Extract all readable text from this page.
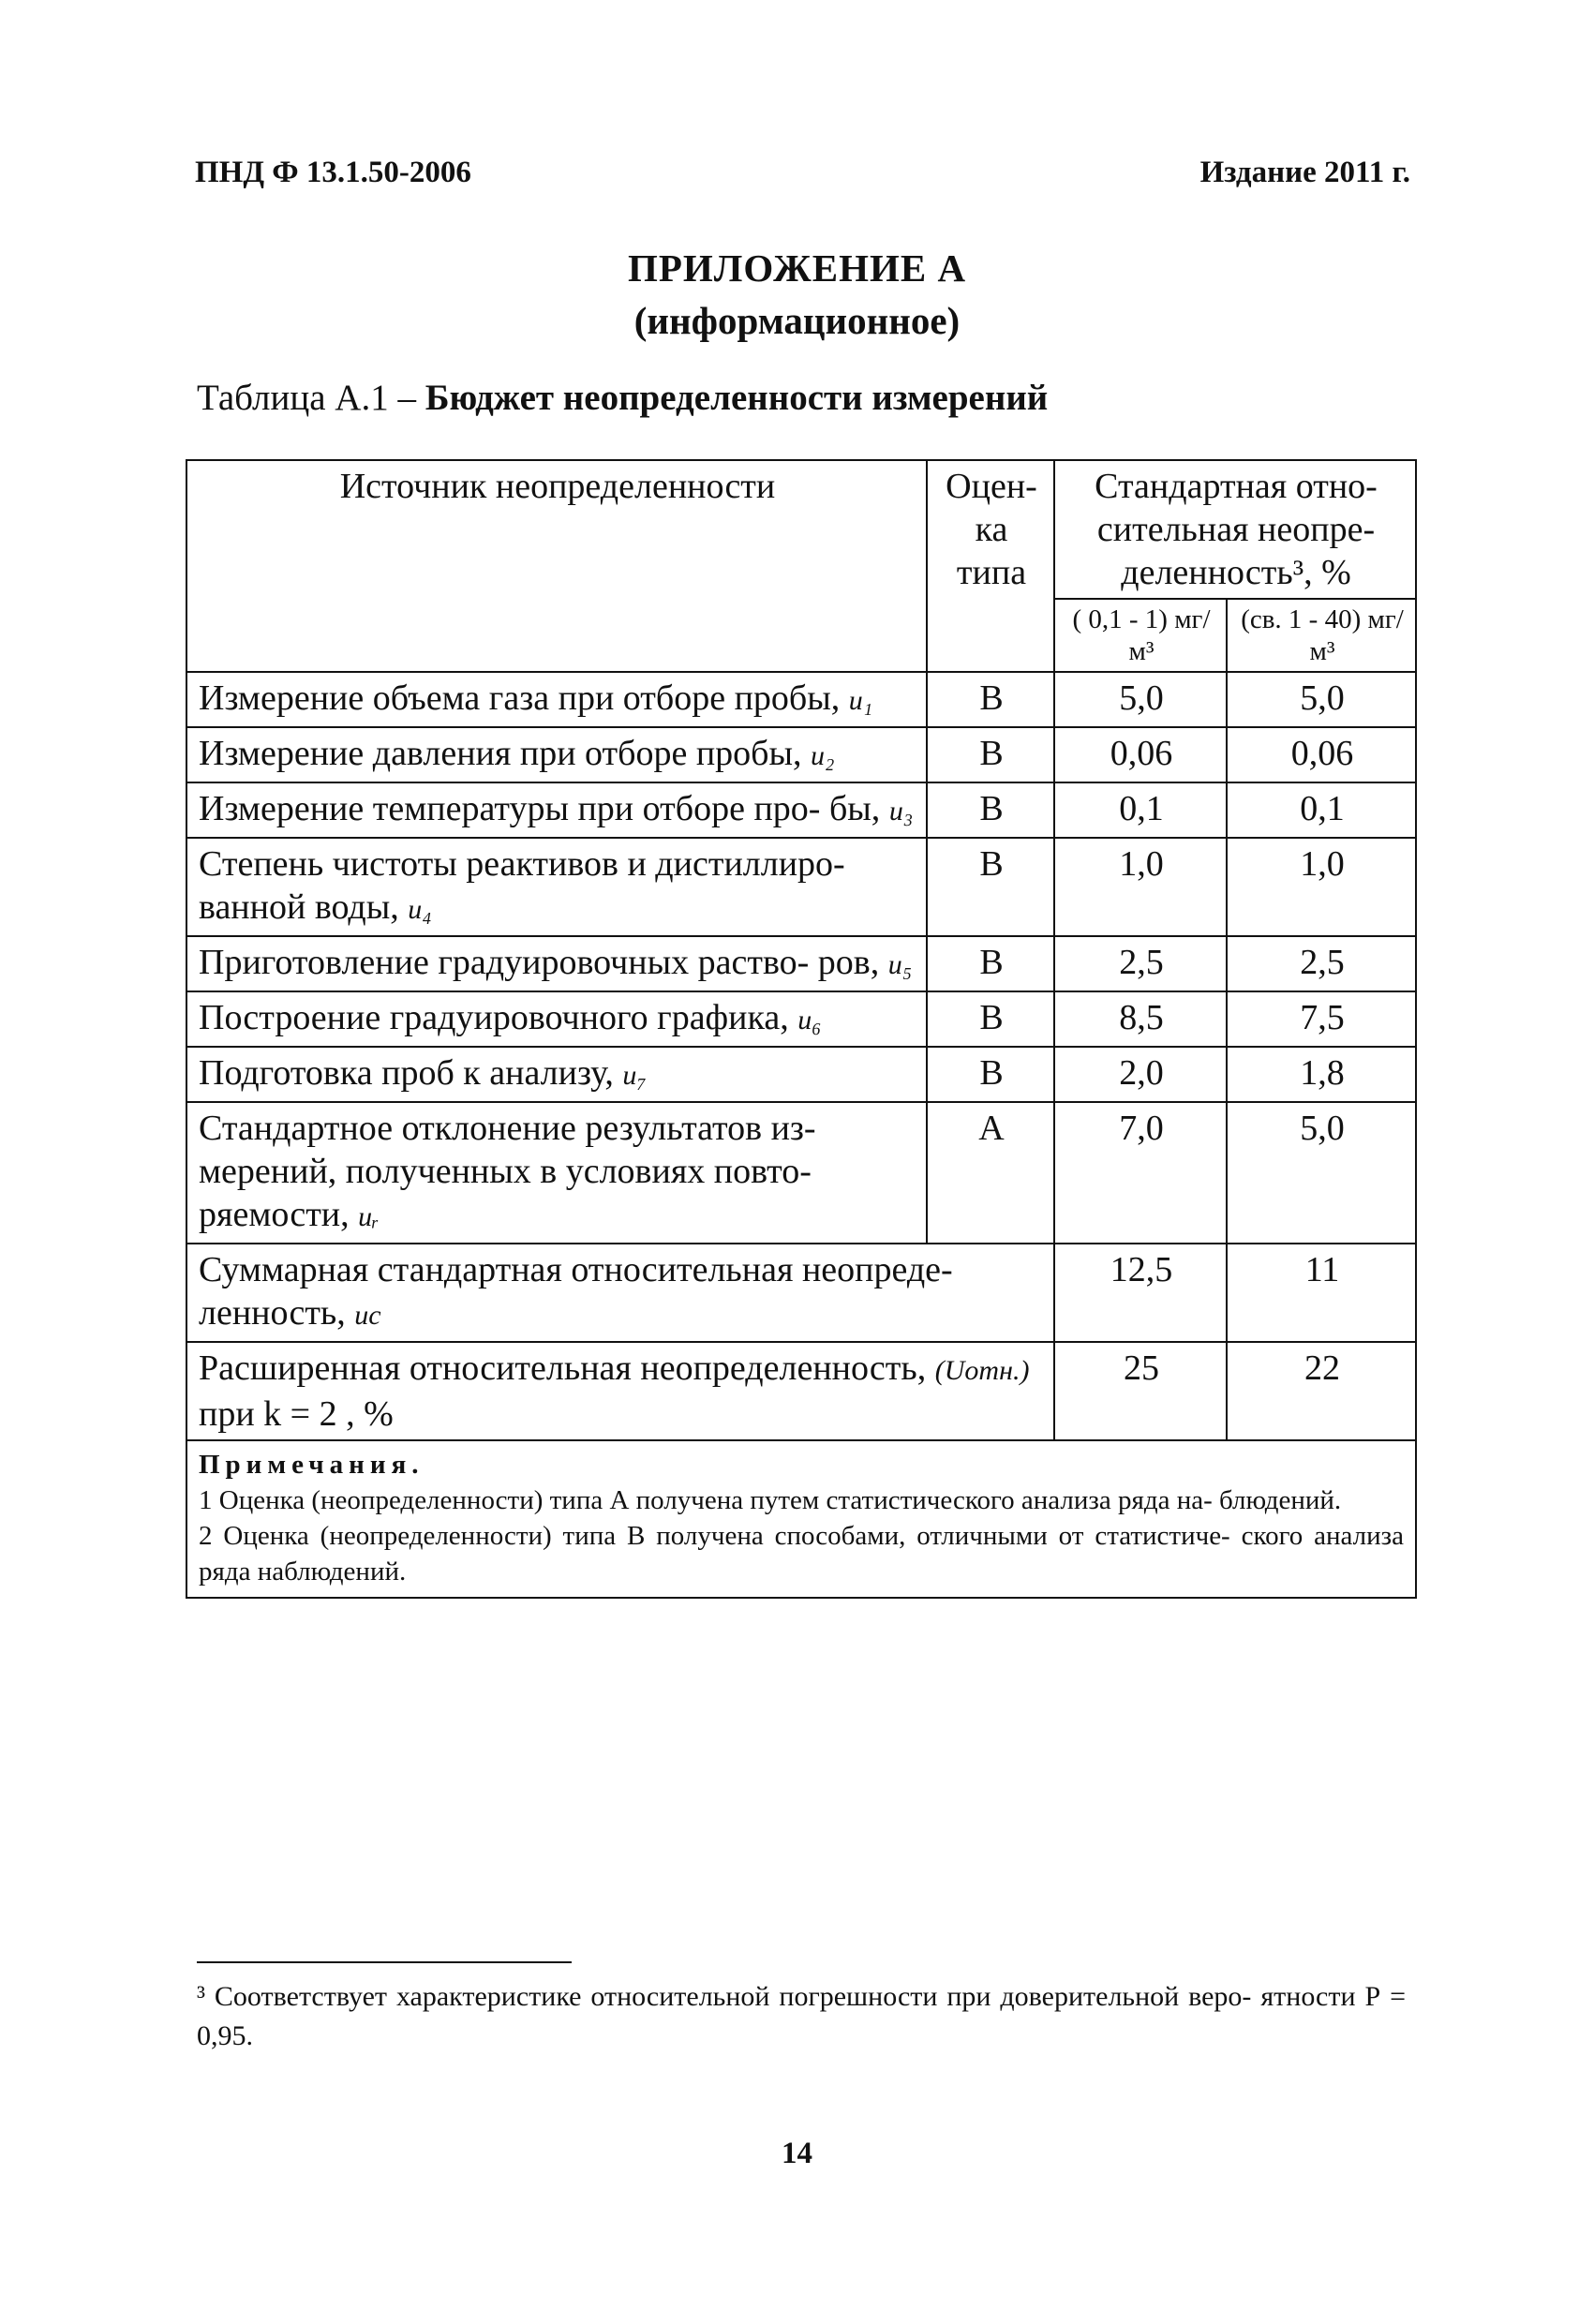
ПНД Ф 13.1.50-2006	Издание 2011 г.
ПРИЛОЖЕНИЕ А
(информационное)
Таблица А.1 – Бюджет неопределенности измерений
Источник неопределенности	Оцен- ка типа	Стандартная отно- сительная неопре- деленность³, %	
		( 0,1 - 1) мг/м³	(св. 1 - 40) мг/м³
Измерение объема газа при отборе пробы, u₁	В	5,0	5,0
Измерение давления при отборе пробы, u₂	В	0,06	0,06
Измерение температуры при отборе про- бы, u₃	В	0,1	0,1
Степень чистоты реактивов и дистиллиро- ванной воды, u₄	В	1,0	1,0
Приготовление градуировочных раство- ров, u₅	В	2,5	2,5
Построение градуировочного графика, u₆	В	8,5	7,5
Подготовка проб к анализу, u₇	В	2,0	1,8
Стандартное отклонение результатов из- мерений, полученных в условиях повто- ряемости, uᵣ	А	7,0	5,0
Суммарная стандартная относительная неопреде- ленность, uc		12,5	11
Расширенная относительная неопределенность, (Uотн.) при k = 2 , %		25	22

Примечания.
1 Оценка (неопределенности) типа А получена путем статистического анализа ряда на- блюдений.
2 Оценка (неопределенности) типа В получена способами, отличными от статистиче- ского анализа ряда наблюдений.			
³ Соответствует характеристике относительной погрешности при доверительной веро- ятности Р = 0,95.
14
